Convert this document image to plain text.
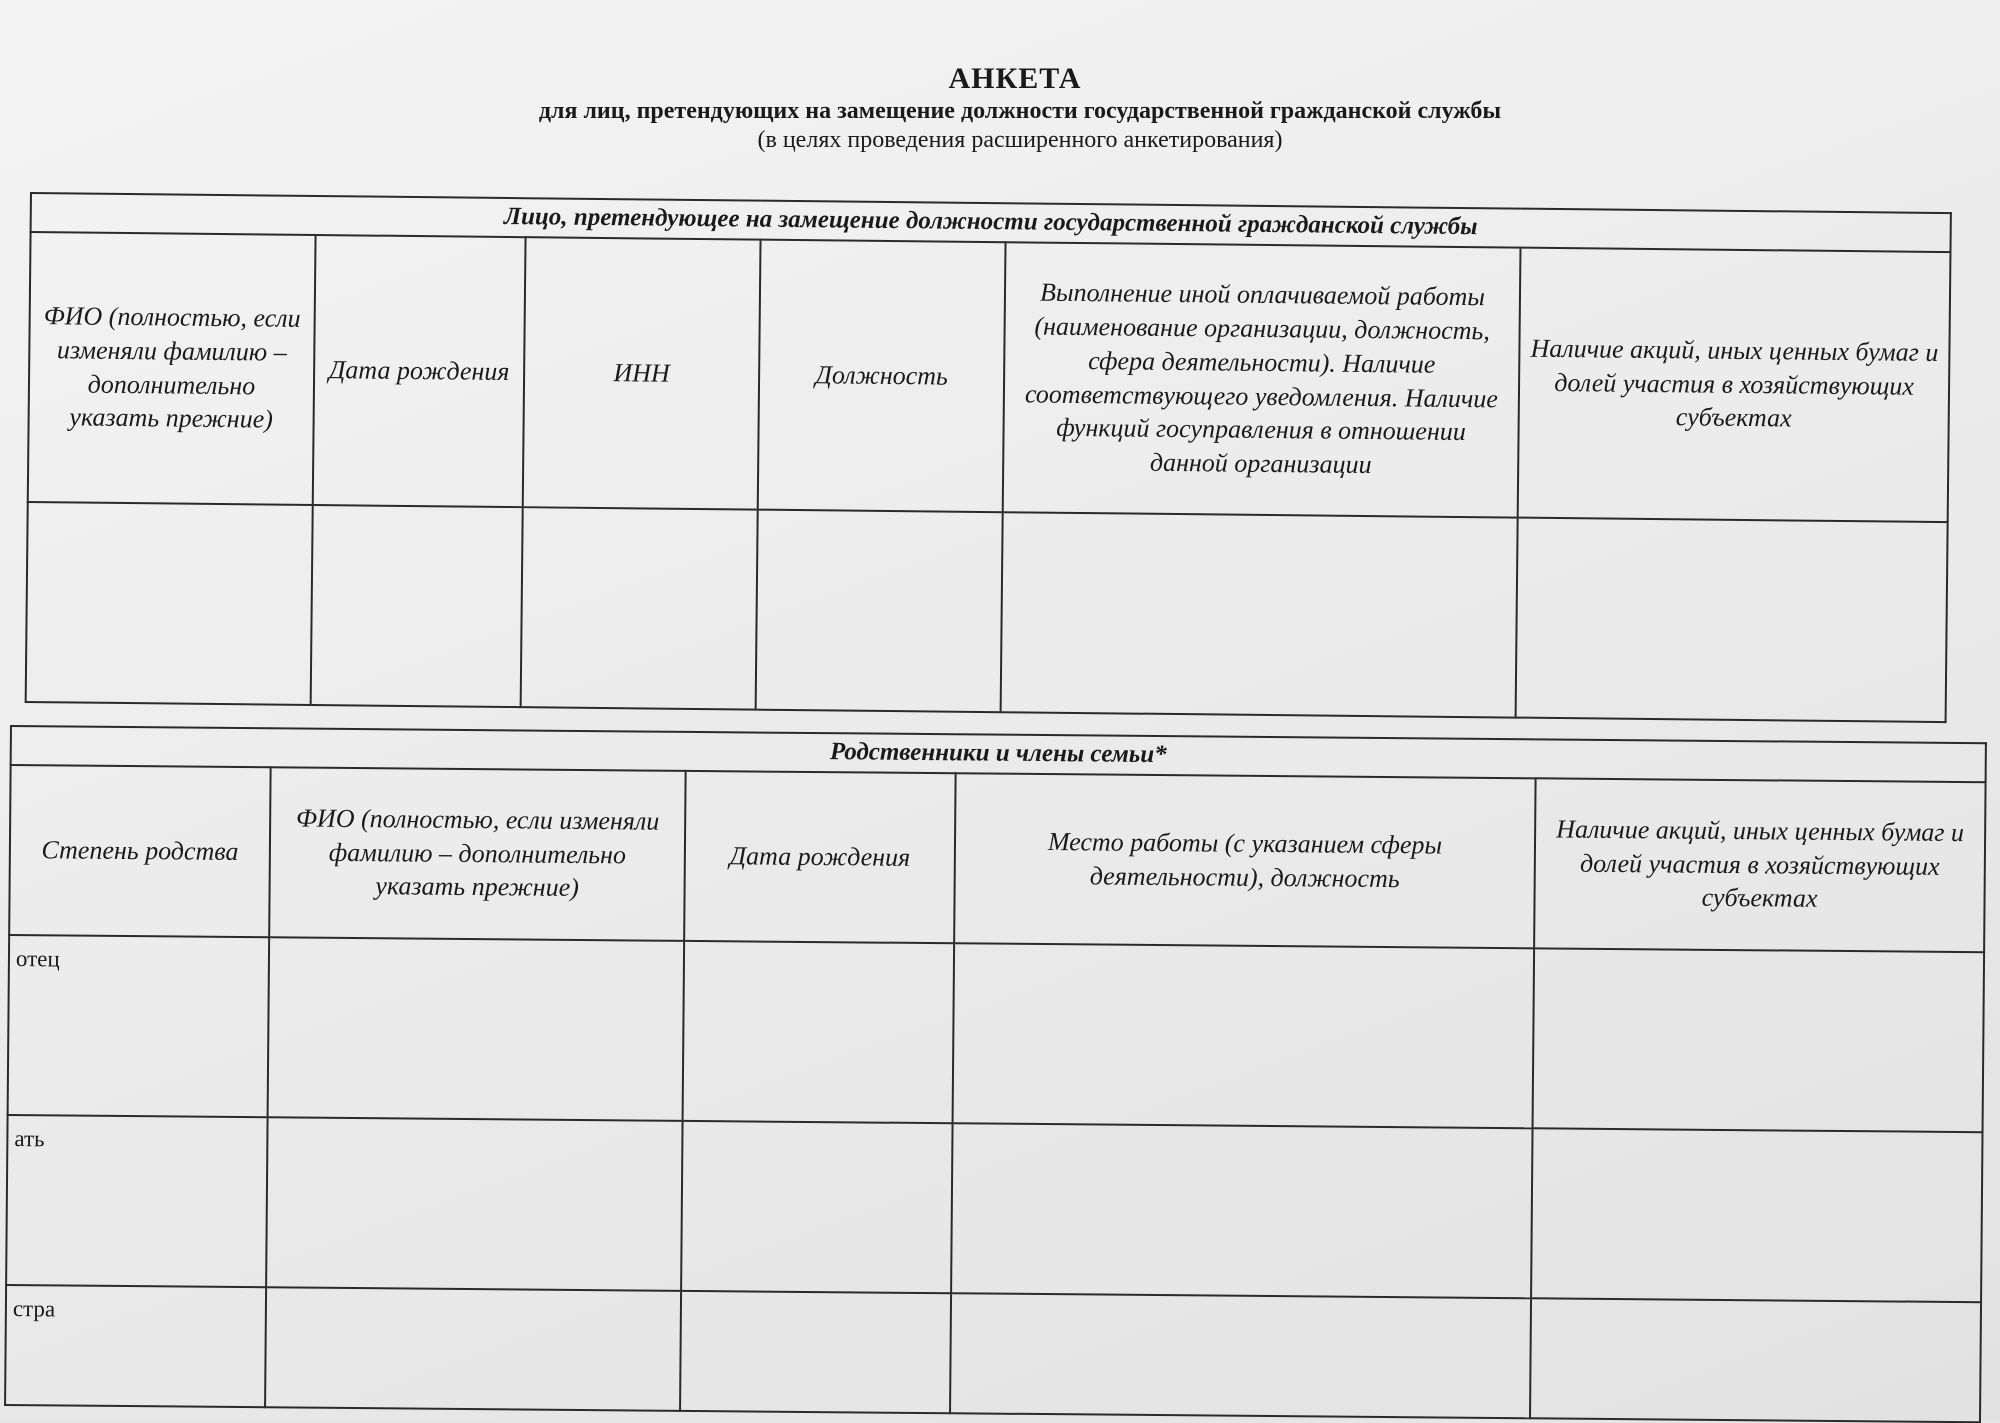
АНКЕТА
для лиц, претендующих на замещение должности государственной гражданской службы
(в целях проведения расширенного анкетирования)
Лицо, претендующее на замещение должности государственной гражданской службы					
ФИО (полностью, если изменяли фамилию – дополнительно указать прежние)	Дата рождения	ИНН	Должность	Выполнение иной оплачиваемой работы (наименование организации, должность, сфера деятельности). Наличие соответствующего уведомления. Наличие функций госуправления в отношении данной организации	Наличие акций, иных ценных бумаг и долей участия в хозяйствующих субъектах

Родственники и члены семьи*				
Степень родства	ФИО (полностью, если изменяли фамилию – дополнительно указать прежние)	Дата рождения	Место работы (с указанием сферы деятельности), должность	Наличие акций, иных ценных бумаг и долей участия в хозяйствующих субъектах
отец				
ать				
стра				
